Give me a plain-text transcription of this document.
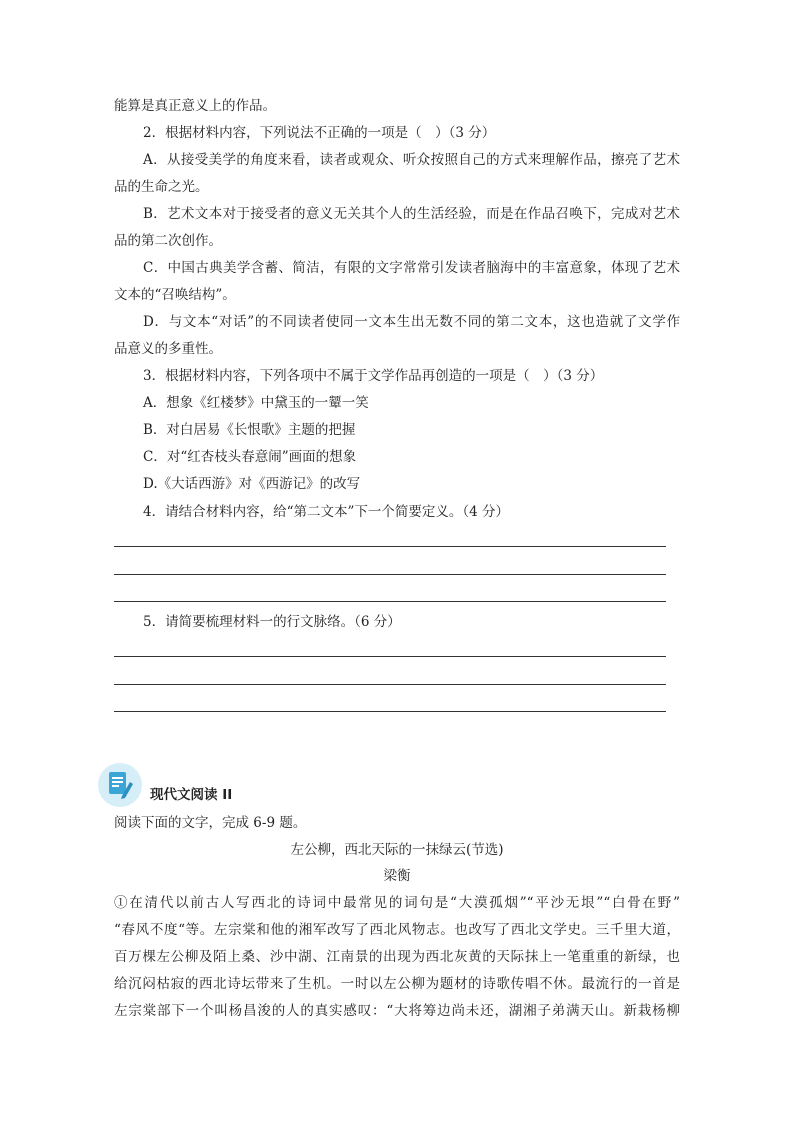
能算是真正意义上的作品。
2．根据材料内容，下列说法不正确的一项是（　）（3 分）
A．从接受美学的角度来看，读者或观众、听众按照自己的方式来理解作品，擦亮了艺术
品的生命之光。
B．艺术文本对于接受者的意义无关其个人的生活经验，而是在作品召唤下，完成对艺术
品的第二次创作。
C．中国古典美学含蓄、简洁，有限的文字常常引发读者脑海中的丰富意象，体现了艺术
文本的“召唤结构”。
D．与文本“对话”的不同读者使同一文本生出无数不同的第二文本，这也造就了文学作
品意义的多重性。
3．根据材料内容，下列各项中不属于文学作品再创造的一项是（　）（3 分）
A．想象《红楼梦》中黛玉的一颦一笑
B．对白居易《长恨歌》主题的把握
C．对“红杏枝头春意闹”画面的想象
D.《大话西游》对《西游记》的改写
4．请结合材料内容，给“第二文本”下一个简要定义。（4 分）
5．请简要梳理材料一的行文脉络。（6 分）
现代文阅读 II
阅读下面的文字，完成 6-9 题。
左公柳，西北天际的一抹绿云(节选)
梁衡
①在清代以前古人写西北的诗词中最常见的词句是“大漠孤烟”“平沙无垠”“白骨在野”
“春风不度“等。左宗棠和他的湘军改写了西北风物志。也改写了西北文学史。三千里大道，
百万棵左公柳及陌上桑、沙中湖、江南景的出现为西北灰黄的天际抹上一笔重重的新绿，也
给沉闷枯寂的西北诗坛带来了生机。一时以左公柳为题材的诗歌传唱不休。最流行的一首是
左宗棠部下一个叫杨昌浚的人的真实感叹：“大将筹边尚未还，湖湘子弟满天山。新栽杨柳
